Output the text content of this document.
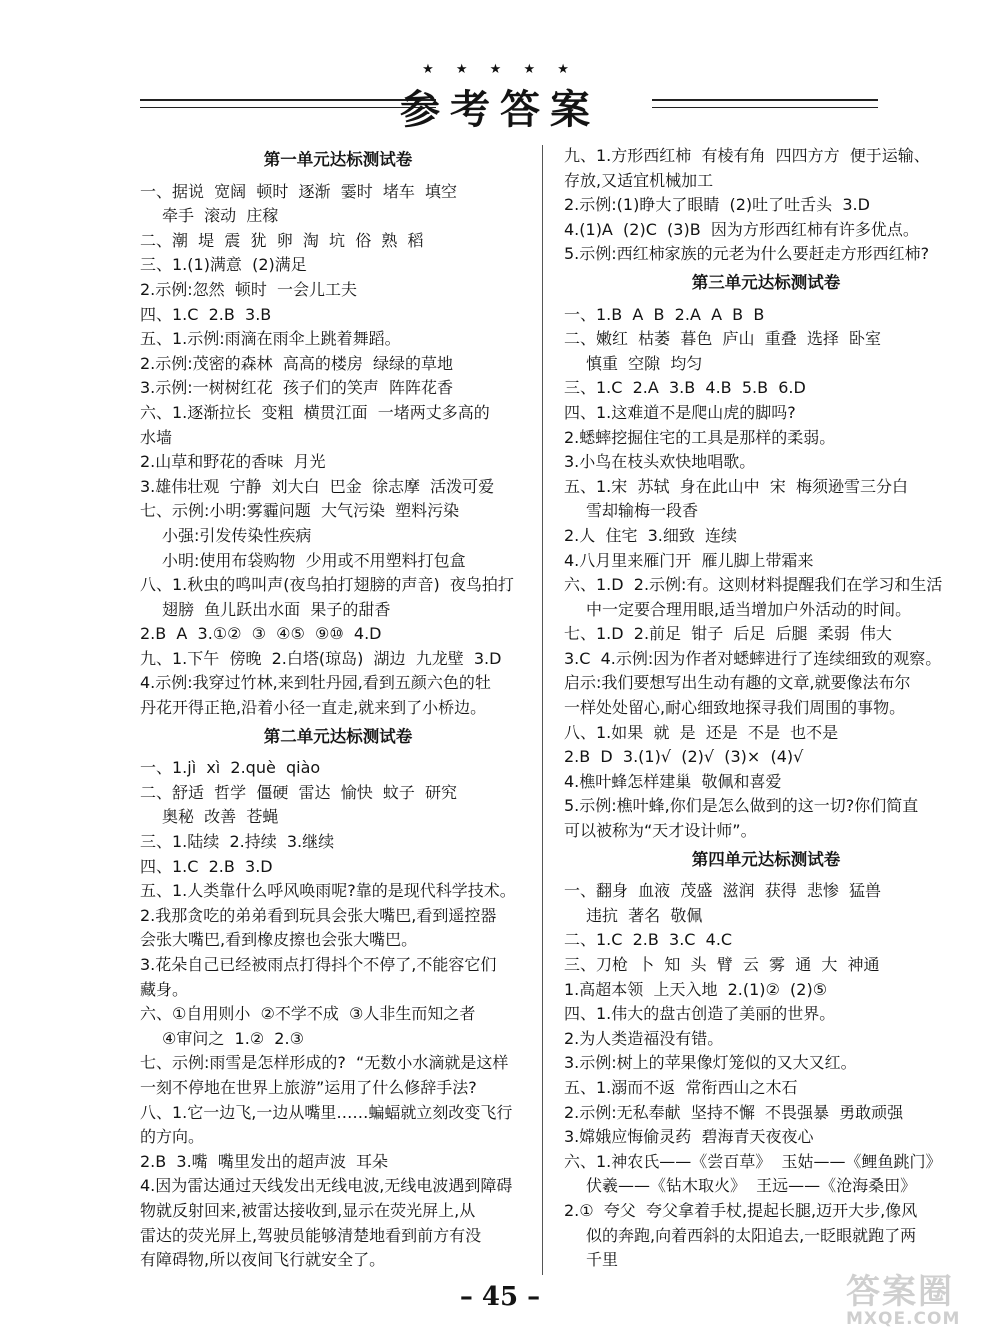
★ ★ ★ ★ ★
参考答案
第一单元达标测试卷
一、据说  宽阔  顿时  逐渐  霎时  堵车  填空
牵手  滚动  庄稼
二、潮  堤  震  犹  卵  淘  坑  俗  熟  稻
三、1.(1)满意  (2)满足
2.示例:忽然  顿时  一会儿工夫
四、1.C  2.B  3.B
五、1.示例:雨滴在雨伞上跳着舞蹈。
2.示例:茂密的森林  高高的楼房  绿绿的草地
3.示例:一树树红花  孩子们的笑声  阵阵花香
六、1.逐渐拉长  变粗  横贯江面  一堵两丈多高的
水墙
2.山草和野花的香味  月光
3.雄伟壮观  宁静  刘大白  巴金  徐志摩  活泼可爱
七、示例:小明:雾霾问题  大气污染  塑料污染
小强:引发传染性疾病
小明:使用布袋购物  少用或不用塑料打包盒
八、1.秋虫的鸣叫声(夜鸟拍打翅膀的声音)  夜鸟拍打
翅膀  鱼儿跃出水面  果子的甜香
2.B  A  3.①②  ③  ④⑤  ⑨⑩  4.D
九、1.下午  傍晚  2.白塔(琼岛)  湖边  九龙壁  3.D
4.示例:我穿过竹林,来到牡丹园,看到五颜六色的牡
丹花开得正艳,沿着小径一直走,就来到了小桥边。
第二单元达标测试卷
一、1.jì  xì  2.què  qiào
二、舒适  哲学  僵硬  雷达  愉快  蚊子  研究
奥秘  改善  苍蝇
三、1.陆续  2.持续  3.继续
四、1.C  2.B  3.D
五、1.人类靠什么呼风唤雨呢?靠的是现代科学技术。
2.我那贪吃的弟弟看到玩具会张大嘴巴,看到遥控器
会张大嘴巴,看到橡皮擦也会张大嘴巴。
3.花朵自己已经被雨点打得抖个不停了,不能容它们
藏身。
六、①自用则小  ②不学不成  ③人非生而知之者
④审问之  1.②  2.③
七、示例:雨雪是怎样形成的?  “无数小水滴就是这样
一刻不停地在世界上旅游”运用了什么修辞手法?
八、1.它一边飞,一边从嘴里……蝙蝠就立刻改变飞行
的方向。
2.B  3.嘴  嘴里发出的超声波  耳朵
4.因为雷达通过天线发出无线电波,无线电波遇到障碍
物就反射回来,被雷达接收到,显示在荧光屏上,从
雷达的荧光屏上,驾驶员能够清楚地看到前方有没
有障碍物,所以夜间飞行就安全了。
九、1.方形西红柿  有棱有角  四四方方  便于运输、
存放,又适宜机械加工
2.示例:(1)睁大了眼睛  (2)吐了吐舌头  3.D
4.(1)A  (2)C  (3)B  因为方形西红柿有许多优点。
5.示例:西红柿家族的元老为什么要赶走方形西红柿?
第三单元达标测试卷
一、1.B  A  B  2.A  A  B  B
二、嫩红  枯萎  暮色  庐山  重叠  选择  卧室
慎重  空隙  均匀
三、1.C  2.A  3.B  4.B  5.B  6.D
四、1.这难道不是爬山虎的脚吗?
2.蟋蟀挖掘住宅的工具是那样的柔弱。
3.小鸟在枝头欢快地唱歌。
五、1.宋  苏轼  身在此山中  宋  梅须逊雪三分白
雪却输梅一段香
2.人  住宅  3.细致  连续
4.八月里来雁门开  雁儿脚上带霜来
六、1.D  2.示例:有。这则材料提醒我们在学习和生活
中一定要合理用眼,适当增加户外活动的时间。
七、1.D  2.前足  钳子  后足  后腿  柔弱  伟大
3.C  4.示例:因为作者对蟋蟀进行了连续细致的观察。
启示:我们要想写出生动有趣的文章,就要像法布尔
一样处处留心,耐心细致地探寻我们周围的事物。
八、1.如果  就  是  还是  不是  也不是
2.B  D  3.(1)√  (2)√  (3)×  (4)√
4.樵叶蜂怎样建巢  敬佩和喜爱
5.示例:樵叶蜂,你们是怎么做到的这一切?你们简直
可以被称为“天才设计师”。
第四单元达标测试卷
一、翻身  血液  茂盛  滋润  获得  悲惨  猛兽
违抗  著名  敬佩
二、1.C  2.B  3.C  4.C
三、刀枪  卜  知  头  臂  云  雾  通  大  神通
1.高超本领  上天入地  2.(1)②  (2)⑤
四、1.伟大的盘古创造了美丽的世界。
2.为人类造福没有错。
3.示例:树上的苹果像灯笼似的又大又红。
五、1.溺而不返  常衔西山之木石
2.示例:无私奉献  坚持不懈  不畏强暴  勇敢顽强
3.嫦娥应悔偷灵药  碧海青天夜夜心
六、1.神农氏——《尝百草》  玉姑——《鲤鱼跳门》
伏羲——《钻木取火》  王远——《沧海桑田》
2.①  夸父  夸父拿着手杖,提起长腿,迈开大步,像风
似的奔跑,向着西斜的太阳追去,一眨眼就跑了两
千里
– 45 –	答案圈
MXQE.COM
